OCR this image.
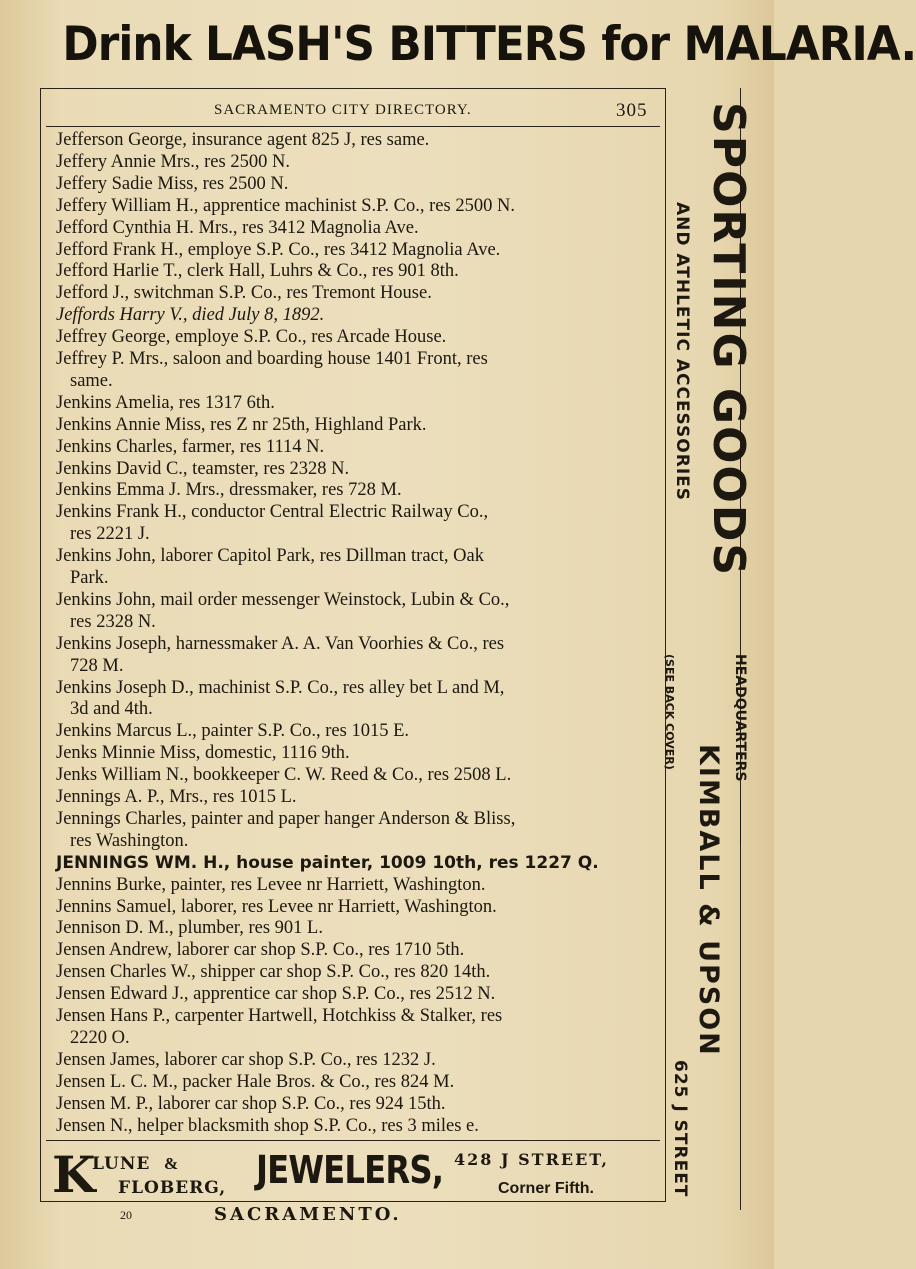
Drink LASH'S BITTERS for MALARIA.
SACRAMENTO CITY DIRECTORY.	305
Jefferson George, insurance agent 825 J, res same.
Jeffery Annie Mrs., res 2500 N.
Jeffery Sadie Miss, res 2500 N.
Jeffery William H., apprentice machinist S.P. Co., res 2500 N.
Jefford Cynthia H. Mrs., res 3412 Magnolia Ave.
Jefford Frank H., employe S.P. Co., res 3412 Magnolia Ave.
Jefford Harlie T., clerk Hall, Luhrs & Co., res 901 8th.
Jefford J., switchman S.P. Co., res Tremont House.
Jeffords Harry V., died July 8, 1892.
Jeffrey George, employe S.P. Co., res Arcade House.
Jeffrey P. Mrs., saloon and boarding house 1401 Front, res
same.
Jenkins Amelia, res 1317 6th.
Jenkins Annie Miss, res Z nr 25th, Highland Park.
Jenkins Charles, farmer, res 1114 N.
Jenkins David C., teamster, res 2328 N.
Jenkins Emma J. Mrs., dressmaker, res 728 M.
Jenkins Frank H., conductor Central Electric Railway Co.,
res 2221 J.
Jenkins John, laborer Capitol Park, res Dillman tract, Oak
Park.
Jenkins John, mail order messenger Weinstock, Lubin & Co.,
res 2328 N.
Jenkins Joseph, harnessmaker A. A. Van Voorhies & Co., res
728 M.
Jenkins Joseph D., machinist S.P. Co., res alley bet L and M,
3d and 4th.
Jenkins Marcus L., painter S.P. Co., res 1015 E.
Jenks Minnie Miss, domestic, 1116 9th.
Jenks William N., bookkeeper C. W. Reed & Co., res 2508 L.
Jennings A. P., Mrs., res 1015 L.
Jennings Charles, painter and paper hanger Anderson & Bliss,
res Washington.
JENNINGS WM. H., house painter, 1009 10th, res 1227 Q.
Jennins Burke, painter, res Levee nr Harriett, Washington.
Jennins Samuel, laborer, res Levee nr Harriett, Washington.
Jennison D. M., plumber, res 901 L.
Jensen Andrew, laborer car shop S.P. Co., res 1710 5th.
Jensen Charles W., shipper car shop S.P. Co., res 820 14th.
Jensen Edward J., apprentice car shop S.P. Co., res 2512 N.
Jensen Hans P., carpenter Hartwell, Hotchkiss & Stalker, res
2220 O.
Jensen James, laborer car shop S.P. Co., res 1232 J.
Jensen L. C. M., packer Hale Bros. & Co., res 824 M.
Jensen M. P., laborer car shop S.P. Co., res 924 15th.
Jensen N., helper blacksmith shop S.P. Co., res 3 miles e.
SPORTING GOODS
AND ATHLETIC ACCESSORIES
(SEE BACK COVER)	HEADQUARTERS
KIMBALL & UPSON
625 J STREET
K
LUNE &
FLOBERG, JEWELERS, 428 J STREET,
Corner Fifth.
20	SACRAMENTO.
